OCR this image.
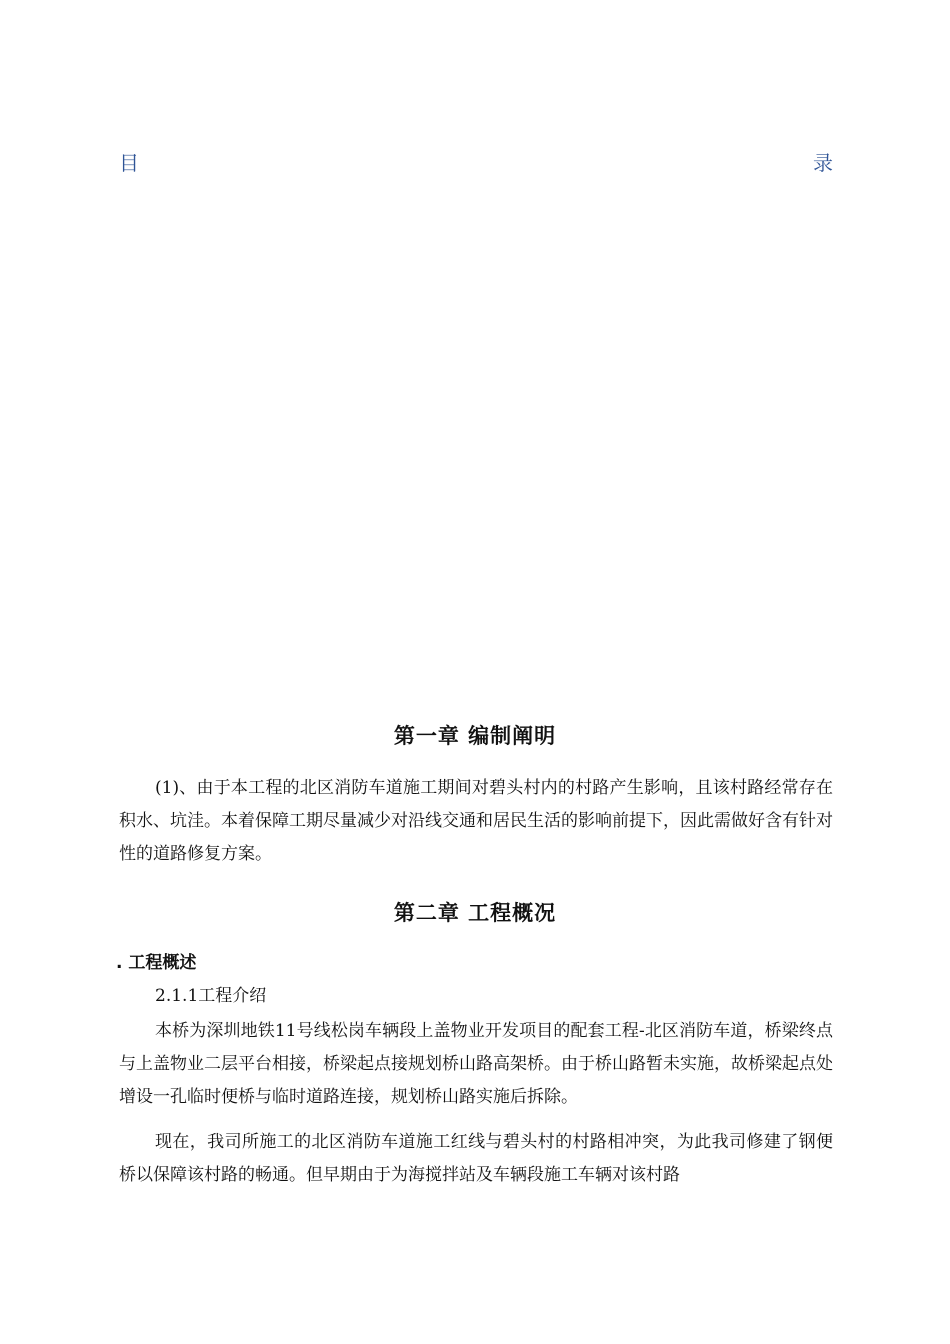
目	录
第一章 编制阐明

(1)、由于本工程的北区消防车道施工期间对碧头村内的村路产生影响，且该村路经常存在积水、坑洼。本着保障工期尽量减少对沿线交通和居民生活的影响前提下，因此需做好含有针对性的道路修复方案。

第二章 工程概况
. 工程概述
2.1.1工程介绍

本桥为深圳地铁11号线松岗车辆段上盖物业开发项目的配套工程-北区消防车道，桥梁终点与上盖物业二层平台相接，桥梁起点接规划桥山路高架桥。由于桥山路暂未实施，故桥梁起点处增设一孔临时便桥与临时道路连接，规划桥山路实施后拆除。

现在，我司所施工的北区消防车道施工红线与碧头村的村路相冲突，为此我司修建了钢便桥以保障该村路的畅通。但早期由于为海搅拌站及车辆段施工车辆对该村路
